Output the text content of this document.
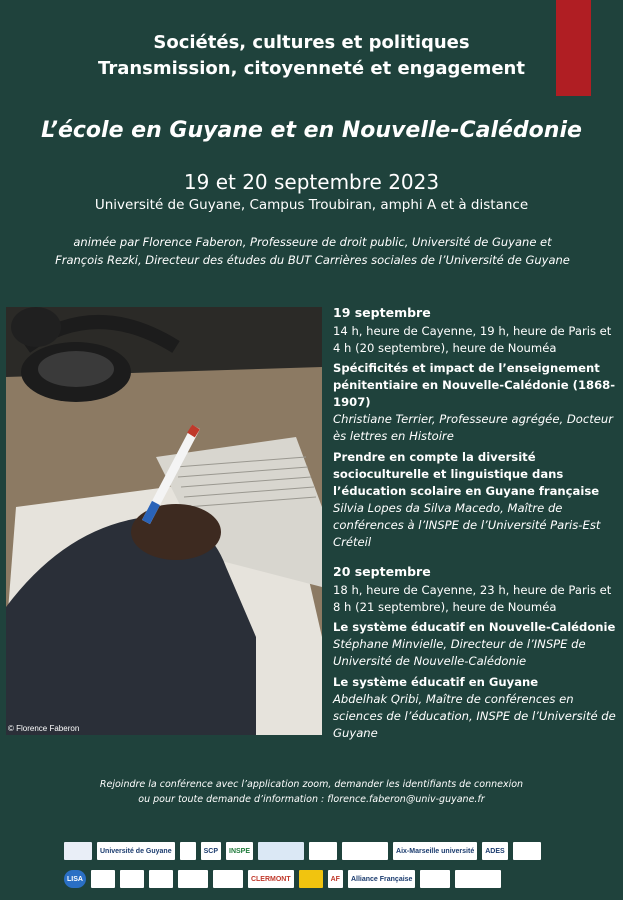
Sociétés, cultures et politiques
Transmission, citoyenneté et engagement
L’école en Guyane et en Nouvelle-Calédonie
19 et 20 septembre 2023
Université de Guyane, Campus Troubiran, amphi A et à distance
animée par Florence Faberon, Professeure de droit public, Université de Guyane et
François Rezki, Directeur des études du BUT Carrières sociales de l’Université de Guyane
© Florence Faberon
19 septembre
14 h, heure de Cayenne, 19 h, heure de Paris et 4 h (20 septembre), heure de Nouméa
Spécificités et impact de l’enseignement pénitentiaire en Nouvelle-Calédonie (1868-1907)
Christiane Terrier, Professeure agrégée, Docteur ès lettres en Histoire
Prendre en compte la diversité socioculturelle et linguistique dans l’éducation scolaire en Guyane française
Silvia Lopes da Silva Macedo, Maître de conférences à l’INSPE de l’Université Paris-Est Créteil
20 septembre
18 h, heure de Cayenne, 23 h, heure de Paris et 8 h (21 septembre), heure de Nouméa
Le système éducatif en Nouvelle-Calédonie
Stéphane Minvielle, Directeur de l’INSPE de Université de Nouvelle-Calédonie
Le système éducatif en Guyane
Abdelhak Qribi, Maître de conférences en sciences de l’éducation, INSPE de l’Université de Guyane
Rejoindre la conférence avec l’application zoom, demander les identifiants de connexion
ou pour toute demande d’information : florence.faberon@univ-guyane.fr
Université de Guyane	SCP	INSPE	Aix-Marseille université	ADES
LISA	CLERMONT	AF	Alliance Française
